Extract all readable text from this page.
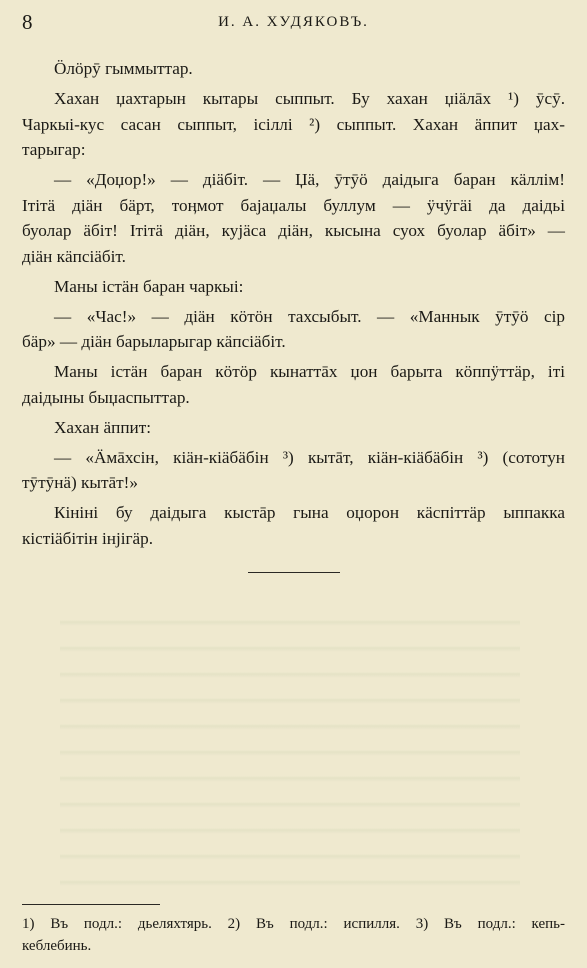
8	И. А. ХУДЯКОВЪ.

Ӧлӧрӯ гыммыттар.

Хахан џахтарын кытары сыппыт. Бу хахан џіäлāх ¹) ӯсӯ.
Чаркыі-кус сасан сыппыт, ісіллі ²) сыппыт. Хахан äппит џах-
тарыгар:

— «Доџор!» — дiäбiт. — Џä, ӯтӯӧ даідыга баран кäллiм!
Ітiтä дiäн бäрт, тоӊмот баjаџалы буллум — ӱчӱгäi да даідьі
буолар äбiт! Ітiтä дiäн, куjäса дiäн, кысына суох буолар äбiт» —
дiäн кäпсiäбiт.

Маны iстäн баран чаркыі:

— «Час!» — дiäн кӧтӧн тахсыбыт. — «Маннык ӯтӯӧ сiр
бäр» — дiäн барыларыгар кäпсiäбiт.

Маны iстäн баран кӧтӧр кынаттāх џон барыта кӧппӱттäр, iтi
даідыны быџаспыттар.

Хахан äппит:

— «Äмāхсiн, кiäн-кiäбäбiн ³) кытāт, кiäн-кiäбäбiн ³) (сототун
тӯтӯнä) кытāт!»

Кiнiнi бу даідыга кыстāр гына оџорон кäспiттäр ыппакка
кiстiäбiтiн iнjiгäр.

1) Въ подл.: дьеляхтярь. 2) Въ подл.: испилля. 3) Въ подл.: кепь-
кеблебинь.
